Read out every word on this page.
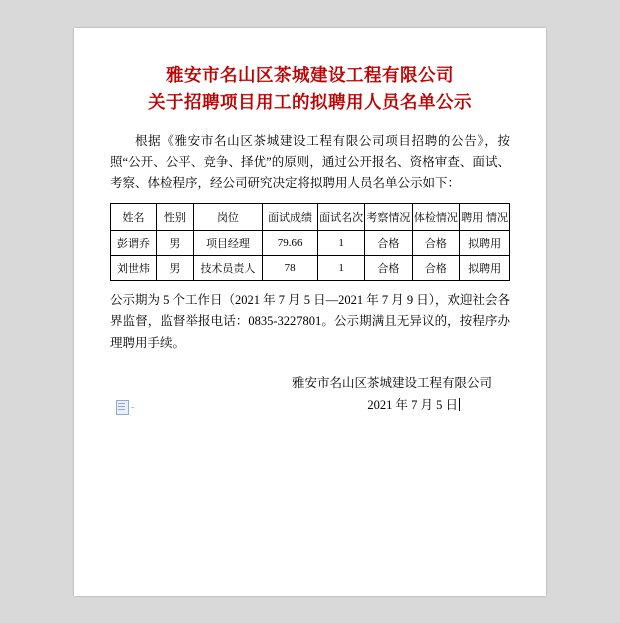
雅安市名山区茶城建设工程有限公司
关于招聘项目用工的拟聘用人员名单公示
根据《雅安市名山区茶城建设工程有限公司项目招聘的公告》，按照“公开、公平、竞争、择优”的原则，通过公开报名、资格审查、面试、考察、体检程序，经公司研究决定将拟聘用人员名单公示如下：
姓名	性别	岗位	面试成绩	面试名次	考察情况	体检情况	聘用 情况
彭谓乔	男	项目经理	79.66	1	合格	合格	拟聘用
刘世炜	男	技术员责人	78	1	合格	合格	拟聘用
公示期为 5 个工作日（2021 年 7 月 5 日—2021 年 7 月 9 日），欢迎社会各界监督，监督举报电话：0835-3227801。公示期满且无异议的，按程序办理聘用手续。
雅安市名山区茶城建设工程有限公司
2021 年 7 月 5 日
-
